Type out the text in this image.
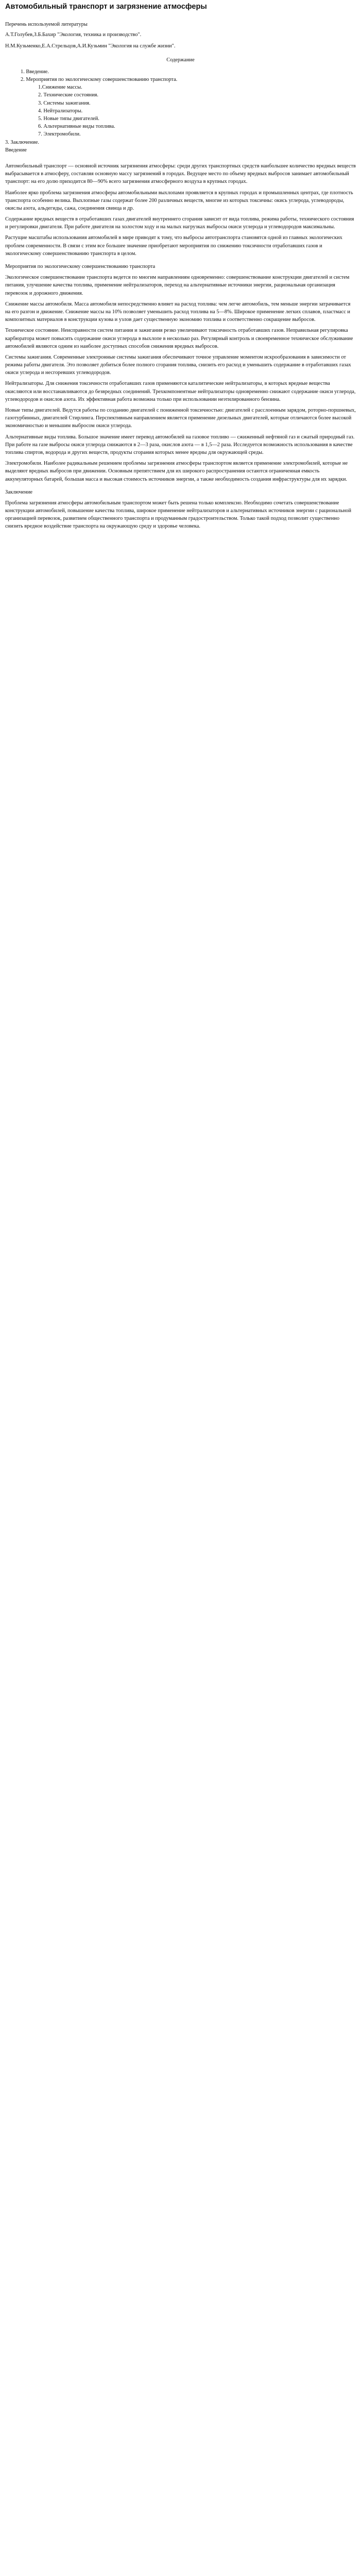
Автомобильный транспорт и загрязнение атмосферы
Перечень используемой литературы
А.Т.Голубев,З.Б.Бахир "Экология, техника и производство".
Н.М.Кузьменко,Е.А.Стрельцов,А.И.Кузьмин "Экология на службе жизни".
Содержание
1. Введение.
2. Мероприятия по экологическому совершенствованию транспорта.
1.Снижение массы.
2. Технические состояния.
3. Системы зажигания.
4. Нейтрализаторы.
5. Новые типы двигателей.
6. Альтернативные виды топлива.
7. Электромобили.
3. Заключение.
Введение

Автомобильный транспорт — основной источник загрязнения атмосферы: среди других транспортных средств наибольшее количество вредных веществ выбрасывается в атмосферу, составляя основную массу загрязнений в городах. Ведущее место по объему вредных выбросов занимает автомобильный транспорт: на его долю приходится 80—90% всего загрязнения атмосферного воздуха в крупных городах.

Наиболее ярко проблема загрязнения атмосферы автомобильными выхлопами проявляется в крупных городах и промышленных центрах, где плотность транспорта особенно велика. Выхлопные газы содержат более 200 различных веществ, многие из которых токсичны: окись углерода, углеводороды, окислы азота, альдегиды, сажа, соединения свинца и др.

Содержание вредных веществ в отработавших газах двигателей внутреннего сгорания зависит от вида топлива, режима работы, технического состояния и регулировки двигателя. При работе двигателя на холостом ходу и на малых нагрузках выбросы окиси углерода и углеводородов максимальны.

Растущие масштабы использования автомобилей в мире приводят к тому, что выбросы автотранспорта становятся одной из главных экологических проблем современности. В связи с этим все большее значение приобретают мероприятия по снижению токсичности отработавших газов и экологическому совершенствованию транспорта в целом.

Мероприятия по экологическому совершенствованию транспорта

Экологическое совершенствование транспорта ведется по многим направлениям одновременно: совершенствование конструкции двигателей и систем питания, улучшение качества топлива, применение нейтрализаторов, переход на альтернативные источники энергии, рациональная организация перевозок и дорожного движения.

Снижение массы автомобиля. Масса автомобиля непосредственно влияет на расход топлива: чем легче автомобиль, тем меньше энергии затрачивается на его разгон и движение. Снижение массы на 10% позволяет уменьшить расход топлива на 5—8%. Широкое применение легких сплавов, пластмасс и композитных материалов в конструкции кузова и узлов дает существенную экономию топлива и соответственно сокращение выбросов.

Техническое состояние. Неисправности систем питания и зажигания резко увеличивают токсичность отработавших газов. Неправильная регулировка карбюратора может повысить содержание окиси углерода в выхлопе в несколько раз. Регулярный контроль и своевременное техническое обслуживание автомобилей являются одним из наиболее доступных способов снижения вредных выбросов.

Системы зажигания. Современные электронные системы зажигания обеспечивают точное управление моментом искрообразования в зависимости от режима работы двигателя. Это позволяет добиться более полного сгорания топлива, снизить его расход и уменьшить содержание в отработавших газах окиси углерода и несгоревших углеводородов.

Нейтрализаторы. Для снижения токсичности отработавших газов применяются каталитические нейтрализаторы, в которых вредные вещества окисляются или восстанавливаются до безвредных соединений. Трехкомпонентные нейтрализаторы одновременно снижают содержание окиси углерода, углеводородов и окислов азота. Их эффективная работа возможна только при использовании неэтилированного бензина.

Новые типы двигателей. Ведутся работы по созданию двигателей с пониженной токсичностью: двигателей с расслоенным зарядом, роторно-поршневых, газотурбинных, двигателей Стирлинга. Перспективным направлением является применение дизельных двигателей, которые отличаются более высокой экономичностью и меньшим выбросом окиси углерода.

Альтернативные виды топлива. Большое значение имеет перевод автомобилей на газовое топливо — сжиженный нефтяной газ и сжатый природный газ. При работе на газе выбросы окиси углерода снижаются в 2—3 раза, окислов азота — в 1,5—2 раза. Исследуется возможность использования в качестве топлива спиртов, водорода и других веществ, продукты сгорания которых менее вредны для окружающей среды.

Электромобили. Наиболее радикальным решением проблемы загрязнения атмосферы транспортом является применение электромобилей, которые не выделяют вредных выбросов при движении. Основным препятствием для их широкого распространения остаются ограниченная емкость аккумуляторных батарей, большая масса и высокая стоимость источников энергии, а также необходимость создания инфраструктуры для их зарядки.

Заключение

Проблема загрязнения атмосферы автомобильным транспортом может быть решена только комплексно. Необходимо сочетать совершенствование конструкции автомобилей, повышение качества топлива, широкое применение нейтрализаторов и альтернативных источников энергии с рациональной организацией перевозок, развитием общественного транспорта и продуманным градостроительством. Только такой подход позволит существенно снизить вредное воздействие транспорта на окружающую среду и здоровье человека.
